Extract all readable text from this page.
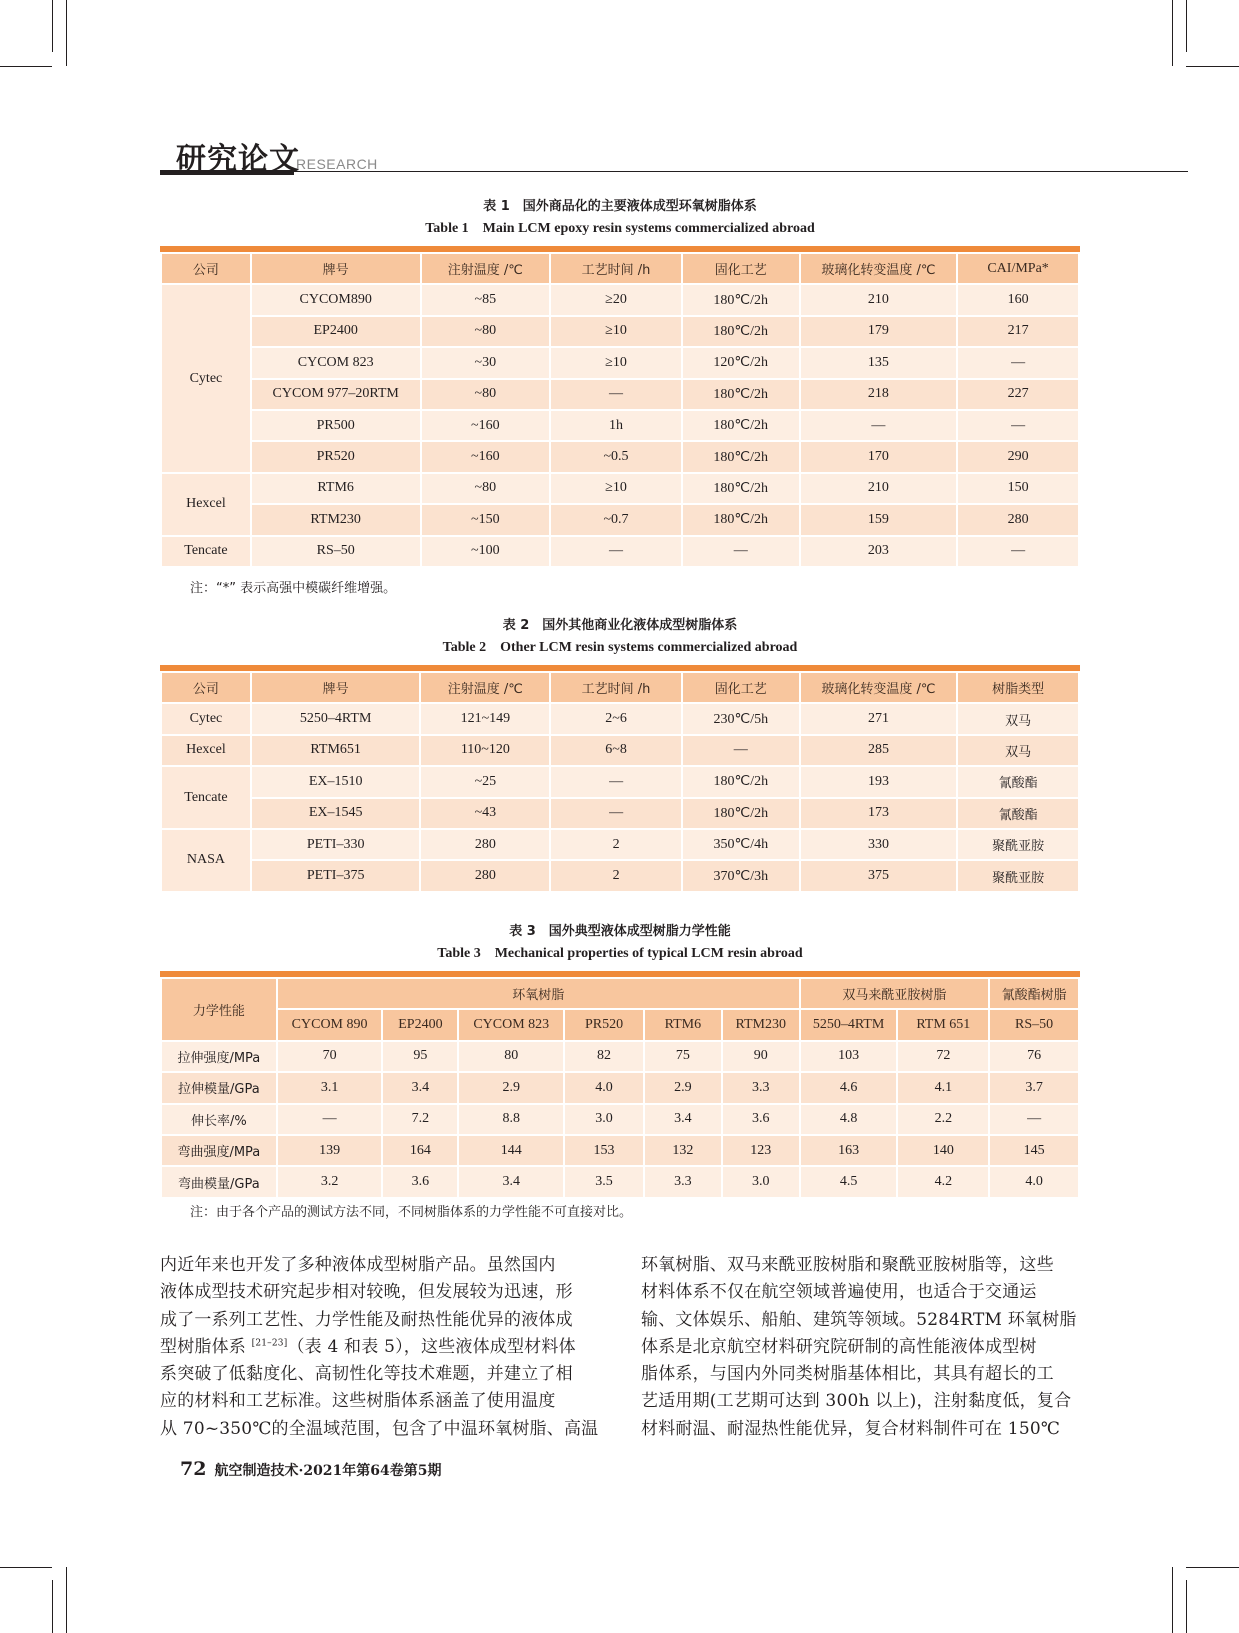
研究论文
RESEARCH
表 1　国外商品化的主要液体成型环氧树脂体系
Table 1　Main LCM epoxy resin systems commercialized abroad
公司	牌号	注射温度 /℃	工艺时间 /h	固化工艺	玻璃化转变温度 /℃	CAI/MPa*
Cytec	CYCOM890	~85	≥20	180℃/2h	210	160
	EP2400	~80	≥10	180℃/2h	179	217
	CYCOM 823	~30	≥10	120℃/2h	135	—
	CYCOM 977–20RTM	~80	—	180℃/2h	218	227
	PR500	~160	1h	180℃/2h	—	—
	PR520	~160	~0.5	180℃/2h	170	290
Hexcel	RTM6	~80	≥10	180℃/2h	210	150
	RTM230	~150	~0.7	180℃/2h	159	280
Tencate	RS–50	~100	—	—	203	—
注：“*” 表示高强中模碳纤维增强。
表 2　国外其他商业化液体成型树脂体系
Table 2　Other LCM resin systems commercialized abroad
公司	牌号	注射温度 /℃	工艺时间 /h	固化工艺	玻璃化转变温度 /℃	树脂类型
Cytec	5250–4RTM	121~149	2~6	230℃/5h	271	双马
Hexcel	RTM651	110~120	6~8	—	285	双马
Tencate	EX–1510	~25	—	180℃/2h	193	氰酸酯
	EX–1545	~43	—	180℃/2h	173	氰酸酯
NASA	PETI–330	280	2	350℃/4h	330	聚酰亚胺
	PETI–375	280	2	370℃/3h	375	聚酰亚胺
表 3　国外典型液体成型树脂力学性能
Table 3　Mechanical properties of typical LCM resin abroad
力学性能	环氧树脂						双马来酰亚胺树脂		氰酸酯树脂
	CYCOM 890	EP2400	CYCOM 823	PR520	RTM6	RTM230	5250–4RTM	RTM 651	RS–50
拉伸强度/MPa	70	95	80	82	75	90	103	72	76
拉伸模量/GPa	3.1	3.4	2.9	4.0	2.9	3.3	4.6	4.1	3.7
伸长率/%	—	7.2	8.8	3.0	3.4	3.6	4.8	2.2	—
弯曲强度/MPa	139	164	144	153	132	123	163	140	145
弯曲模量/GPa	3.2	3.6	3.4	3.5	3.3	3.0	4.5	4.2	4.0
注：由于各个产品的测试方法不同，不同树脂体系的力学性能不可直接对比。

内近年来也开发了多种液体成型树脂产品。虽然国内

液体成型技术研究起步相对较晚，但发展较为迅速，形

成了一系列工艺性、力学性能及耐热性能优异的液体成

型树脂体系 [21–23]（表 4 和表 5），这些液体成型材料体

系突破了低黏度化、高韧性化等技术难题，并建立了相

应的材料和工艺标准。这些树脂体系涵盖了使用温度

从 70~350℃的全温域范围，包含了中温环氧树脂、高温

环氧树脂、双马来酰亚胺树脂和聚酰亚胺树脂等，这些

材料体系不仅在航空领域普遍使用，也适合于交通运

输、文体娱乐、船舶、建筑等领域。5284RTM 环氧树脂

体系是北京航空材料研究院研制的高性能液体成型树

脂体系，与国内外同类树脂基体相比，其具有超长的工

艺适用期(工艺期可达到 300h 以上)，注射黏度低，复合

材料耐温、耐湿热性能优异，复合材料制件可在 150℃

72 航空制造技术·2021年第64卷第5期
